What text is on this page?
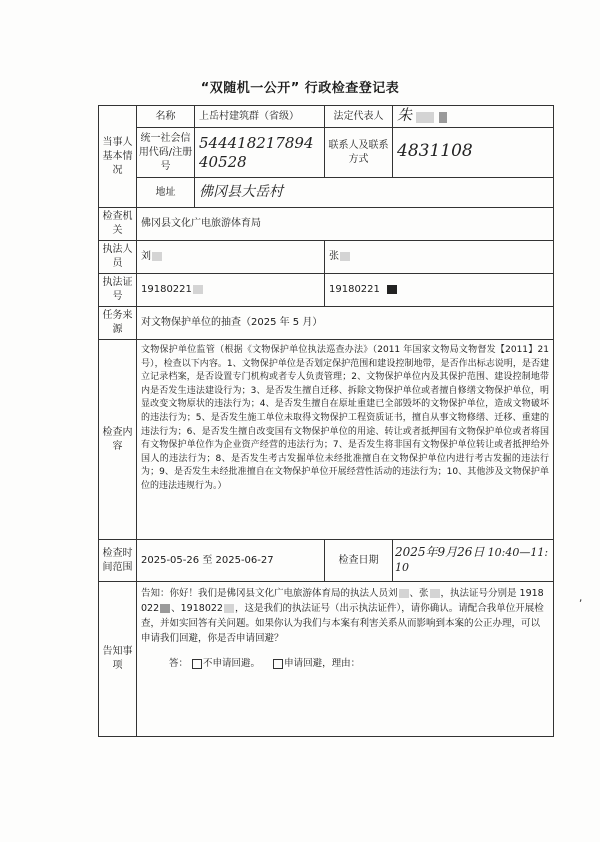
“双随机一公开” 行政检查登记表
当事人基本情况	名称	上岳村建筑群（省级）	法定代表人	朱
	统一社会信用代码/注册号	54441821789440528	联系人及联系方式	4831108
	地址	佛冈县大岳村		

检查机关	佛冈县文化广电旅游体育局			
执法人员	刘		张	
执法证号	19180221		19180221	
任务来源	对文物保护单位的抽查（2025 年 5 月）			
检查内容	文物保护单位监管（根据《文物保护单位执法巡查办法》（2011 年国家文物局文物督发【2011】21 号），检查以下内容。1、文物保护单位是否划定保护范围和建设控制地带，是否作出标志说明，是否建立记录档案，是否设置专门机构或者专人负责管理；2、文物保护单位内及其保护范围、建设控制地带内是否发生违法建设行为；3、是否发生擅自迁移、拆除文物保护单位或者擅自修缮文物保护单位，明显改变文物原状的违法行为；4、是否发生擅自在原址重建已全部毁坏的文物保护单位，造成文物破坏的违法行为；5、是否发生施工单位未取得文物保护工程资质证书，擅自从事文物修缮、迁移、重建的违法行为；6、是否发生擅自改变国有文物保护单位的用途、转让或者抵押国有文物保护单位或者将国有文物保护单位作为企业资产经营的违法行为；7、是否发生将非国有文物保护单位转让或者抵押给外国人的违法行为；8、是否发生考古发掘单位未经批准擅自在文物保护单位内进行考古发掘的违法行为；9、是否发生未经批准擅自在文物保护单位开展经营性活动的违法行为；10、其他涉及文物保护单位的违法违规行为。）			
检查时间范围	2025-05-26 至 2025-06-27		检查日期	2025年9月26日 10:40—11:10
告知事项	告知：你好！我们是佛冈县文化广电旅游体育局的执法人员刘 、张 ，执法证号分别是 1918022 、1918022 ，这是我们的执法证号（出示执法证件），请你确认。请配合我单位开展检查，并如实回答有关问题。如果你认为我们与本案有利害关系从而影响到本案的公正办理，可以申请我们回避，你是否申请回避？
答： 不申请回避。 申请回避，理由：			
,
